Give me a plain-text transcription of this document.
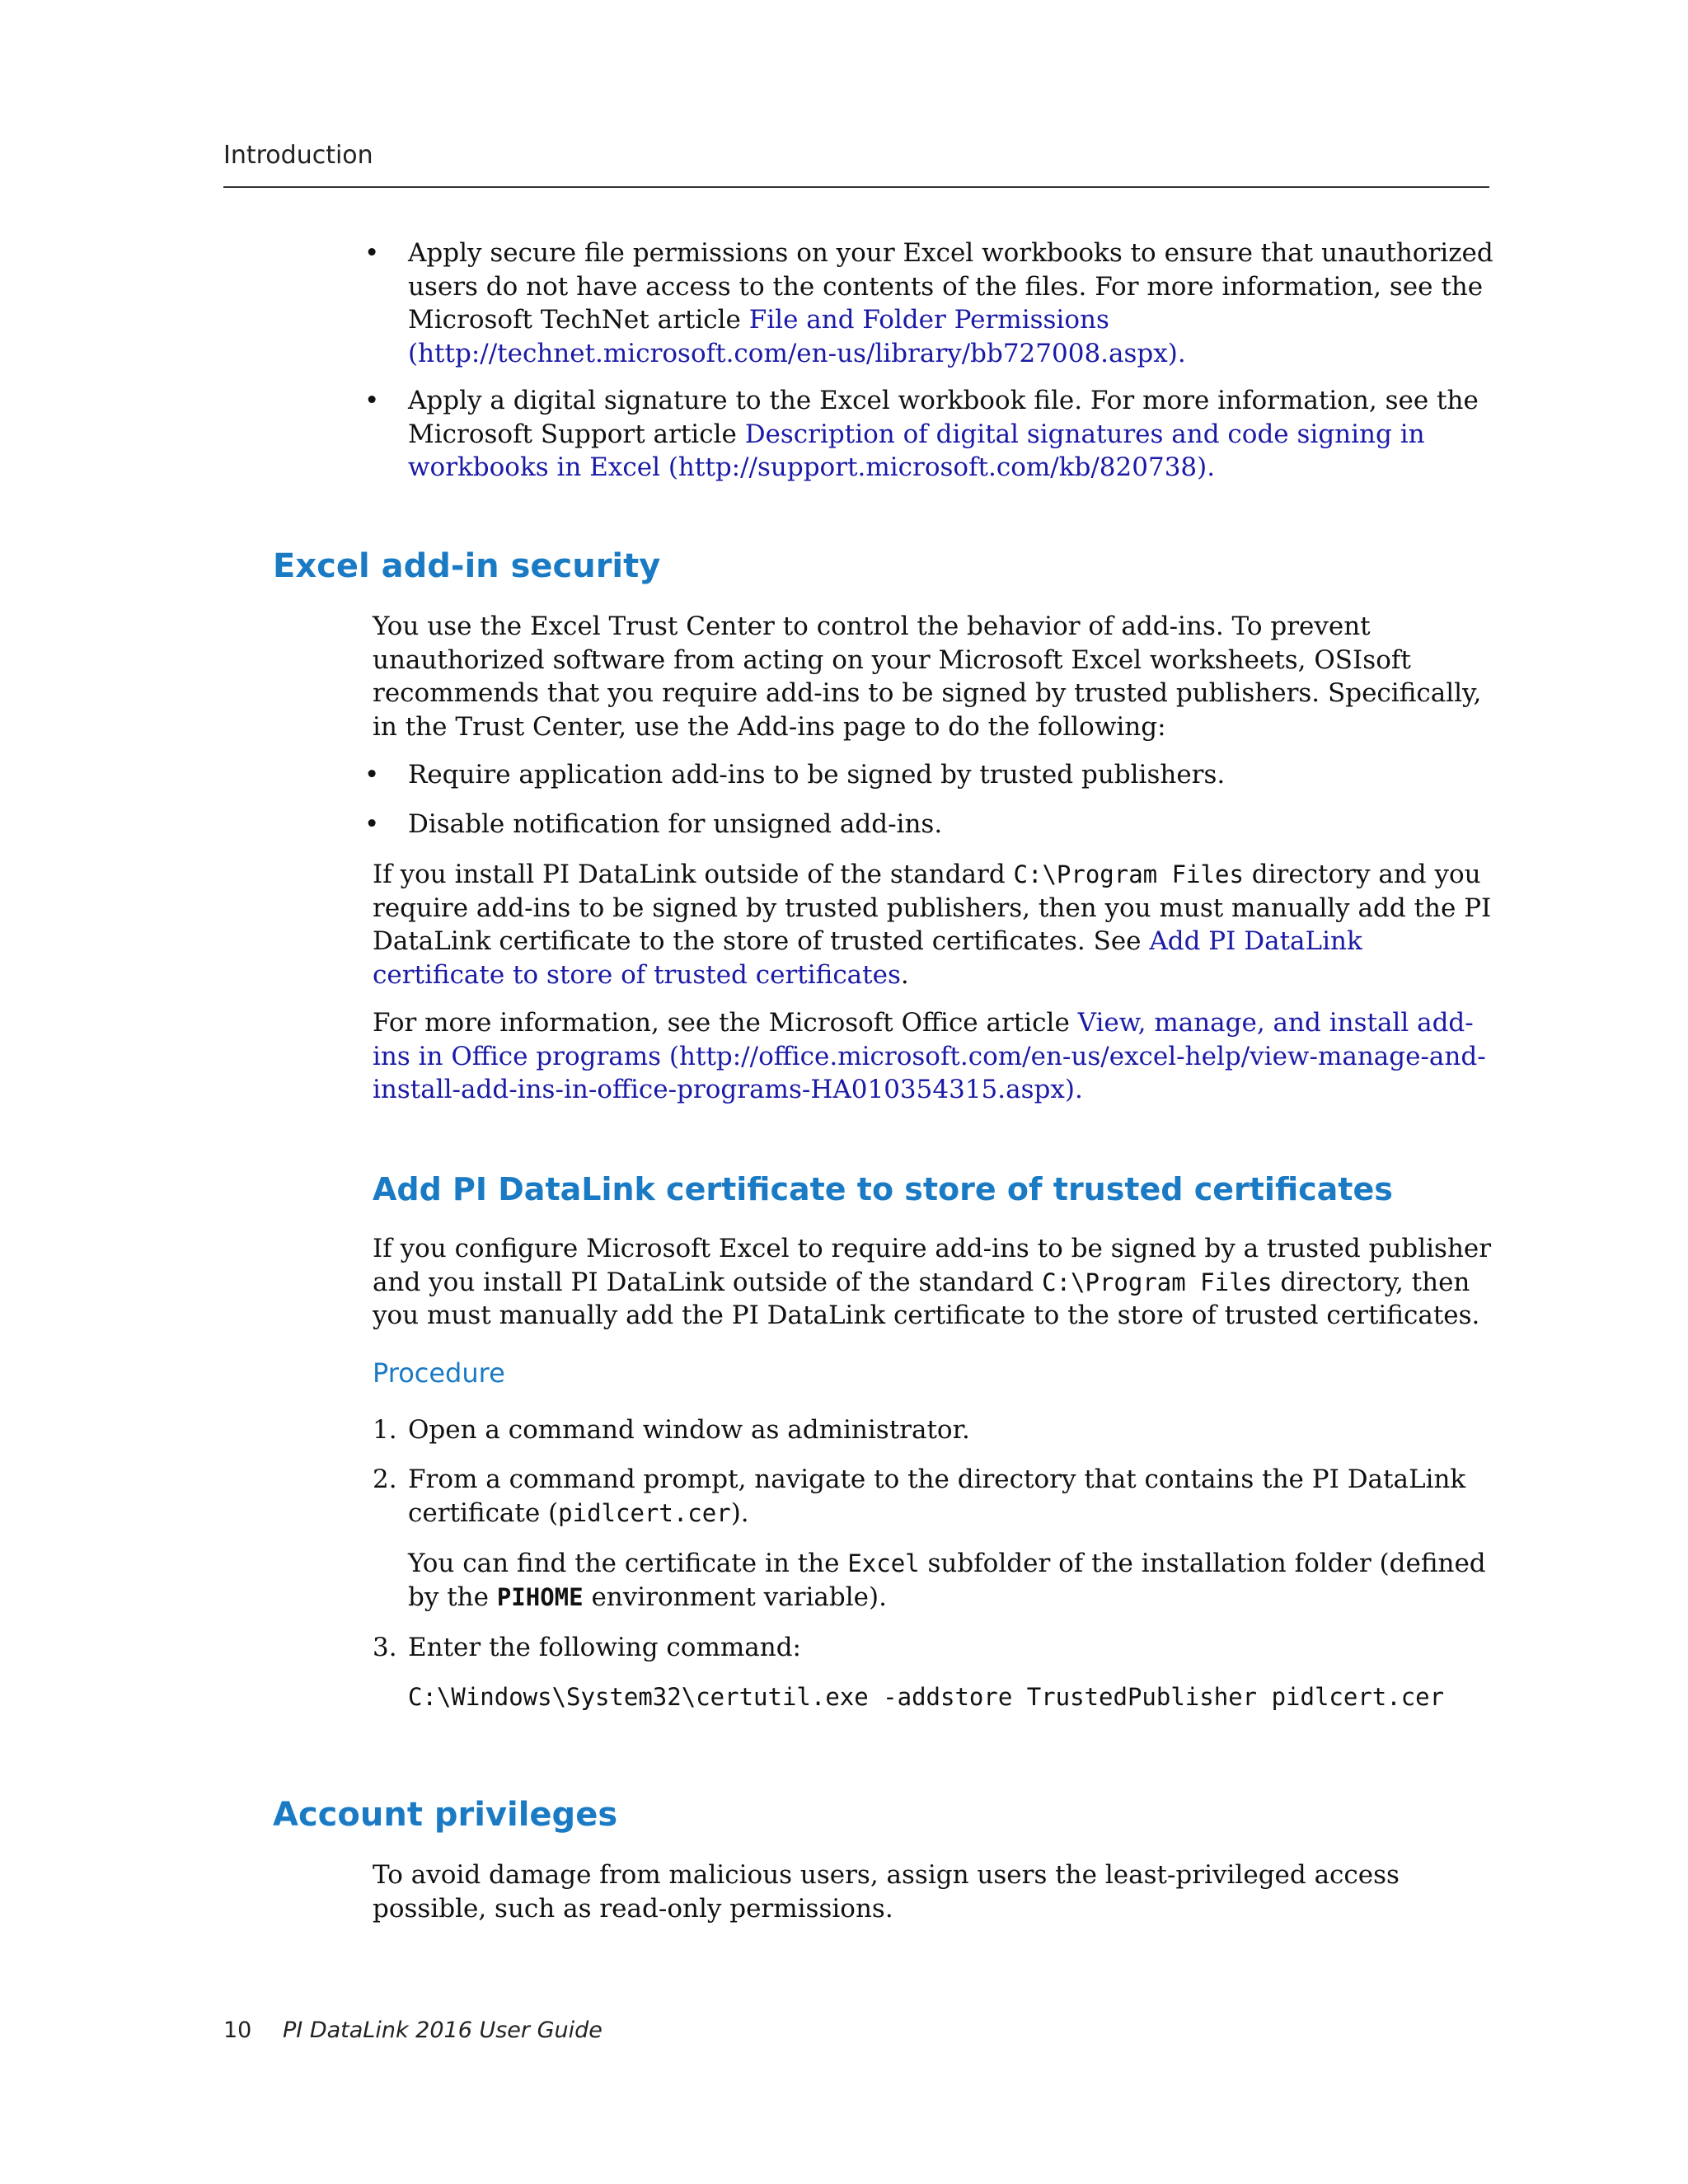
Introduction
•	Apply secure file permissions on your Excel workbooks to ensure that unauthorized users do not have access to the contents of the files. For more information, see the Microsoft TechNet article File and Folder Permissions (http://technet.microsoft.com/en-us/library/bb727008.aspx).
•	Apply a digital signature to the Excel workbook file. For more information, see the Microsoft Support article Description of digital signatures and code signing in workbooks in Excel (http://support.microsoft.com/kb/820738).
Excel add-in security

You use the Excel Trust Center to control the behavior of add-ins. To prevent unauthorized software from acting on your Microsoft Excel worksheets, OSIsoft recommends that you require add-ins to be signed by trusted publishers. Specifically, in the Trust Center, use the Add-ins page to do the following:

•	Require application add-ins to be signed by trusted publishers.
•	Disable notification for unsigned add-ins.

If you install PI DataLink outside of the standard C:\Program Files directory and you require add-ins to be signed by trusted publishers, then you must manually add the PI DataLink certificate to the store of trusted certificates. See Add PI DataLink certificate to store of trusted certificates.

For more information, see the Microsoft Office article View, manage, and install add-ins in Office programs (http://office.microsoft.com/en-us/excel-help/view-manage-and-install-add-ins-in-office-programs-HA010354315.aspx).

Add PI DataLink certificate to store of trusted certificates

If you configure Microsoft Excel to require add-ins to be signed by a trusted publisher and you install PI DataLink outside of the standard C:\Program Files directory, then you must manually add the PI DataLink certificate to the store of trusted certificates.

Procedure
1. Open a command window as administrator.
2. From a command prompt, navigate to the directory that contains the PI DataLink certificate (pidlcert.cer).

You can find the certificate in the Excel subfolder of the installation folder (defined by the PIHOME environment variable).

3. Enter the following command:
C:\Windows\System32\certutil.exe -addstore TrustedPublisher pidlcert.cer
Account privileges

To avoid damage from malicious users, assign users the least-privileged access possible, such as read-only permissions.

10 PI DataLink 2016 User Guide
